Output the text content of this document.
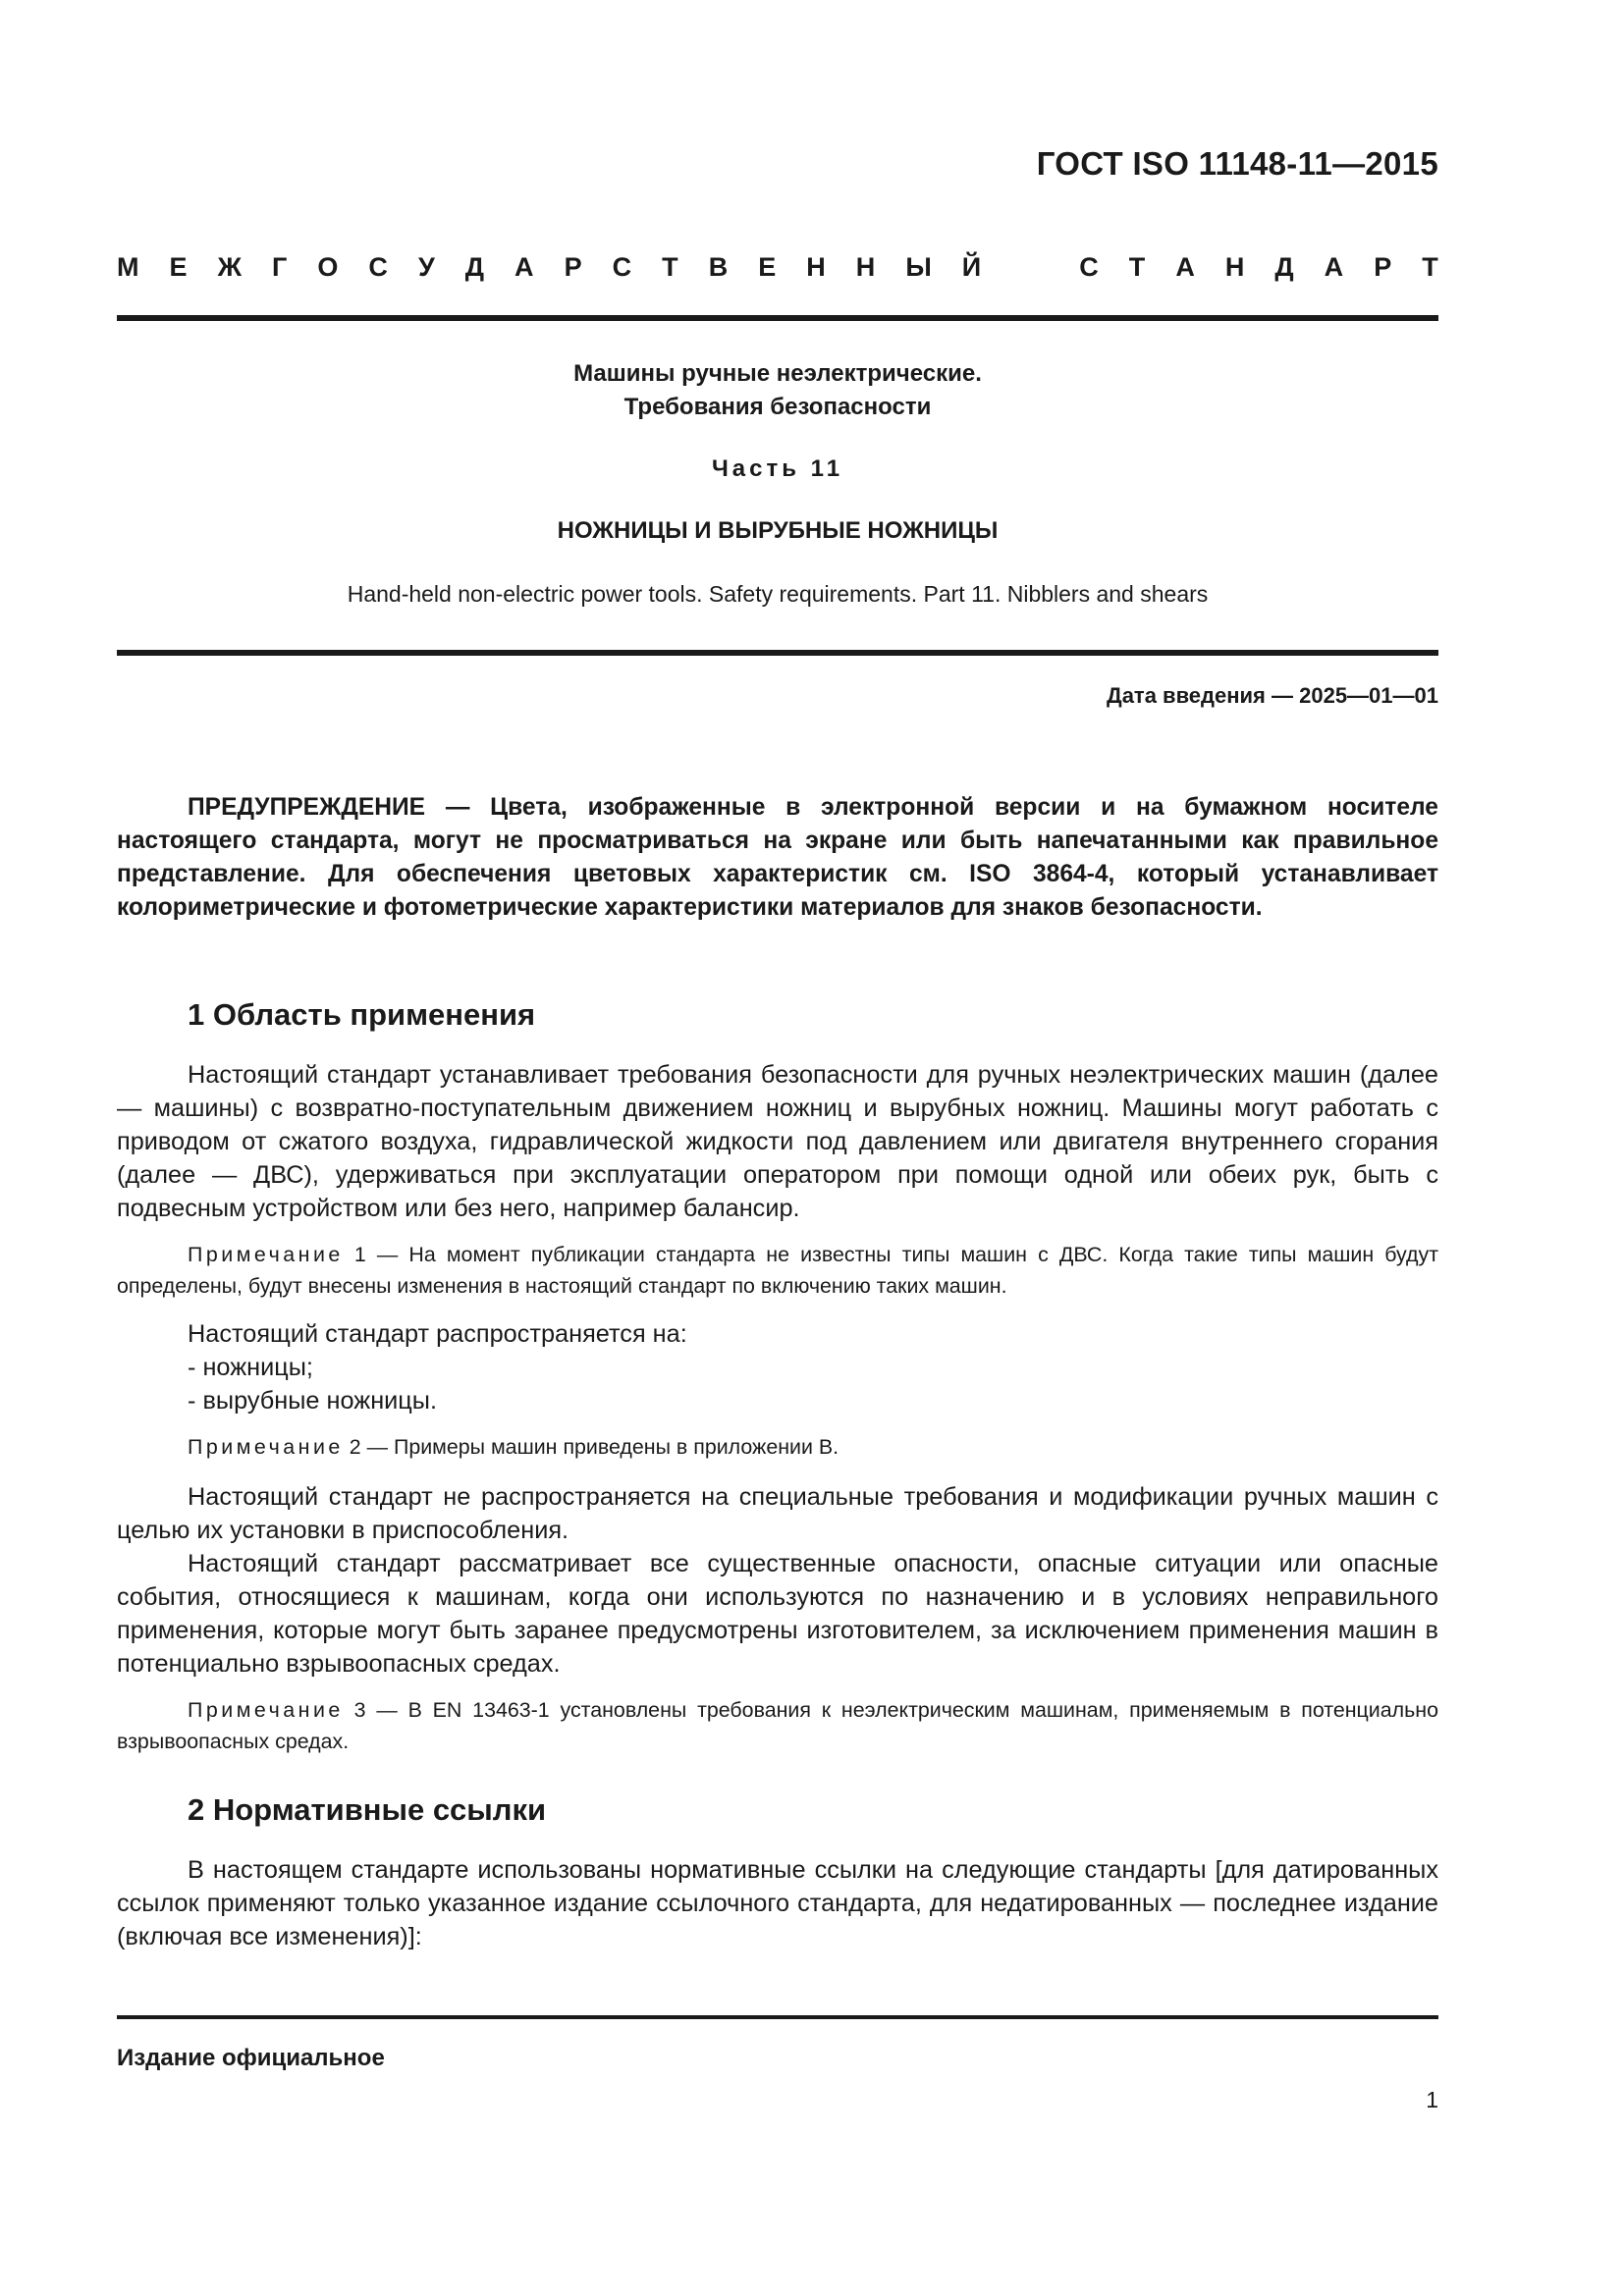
ГОСТ ISO 11148-11—2015
М Е Ж Г О С У Д А Р С Т В Е Н Н Ы Й	С Т А Н Д А Р Т
Машины ручные неэлектрические.
Требования безопасности
Часть 11
НОЖНИЦЫ И ВЫРУБНЫЕ НОЖНИЦЫ
Hand-held non-electric power tools. Safety requirements. Part 11. Nibblers and shears
Дата введения — 2025—01—01

ПРЕДУПРЕЖДЕНИЕ — Цвета, изображенные в электронной версии и на бумажном носителе настоящего стандарта, могут не просматриваться на экране или быть напечатанными как правильное представление. Для обеспечения цветовых характеристик см. ISO 3864-4, который устанавливает колориметрические и фотометрические характеристики материалов для знаков безопасности.

1 Область применения

Настоящий стандарт устанавливает требования безопасности для ручных неэлектрических машин (далее — машины) с возвратно-поступательным движением ножниц и вырубных ножниц. Машины могут работать с приводом от сжатого воздуха, гидравлической жидкости под давлением или двигателя внутреннего сгорания (далее — ДВС), удерживаться при эксплуатации оператором при помощи одной или обеих рук, быть с подвесным устройством или без него, например балансир.

Примечание 1 — На момент публикации стандарта не известны типы машин с ДВС. Когда такие типы машин будут определены, будут внесены изменения в настоящий стандарт по включению таких машин.

Настоящий стандарт распространяется на:
- ножницы;
- вырубные ножницы.

Примечание 2 — Примеры машин приведены в приложении В.

Настоящий стандарт не распространяется на специальные требования и модификации ручных машин с целью их установки в приспособления.

Настоящий стандарт рассматривает все существенные опасности, опасные ситуации или опасные события, относящиеся к машинам, когда они используются по назначению и в условиях неправильного применения, которые могут быть заранее предусмотрены изготовителем, за исключением применения машин в потенциально взрывоопасных средах.

Примечание 3 — В EN 13463-1 установлены требования к неэлектрическим машинам, применяемым в потенциально взрывоопасных средах.

2 Нормативные ссылки

В настоящем стандарте использованы нормативные ссылки на следующие стандарты [для датированных ссылок применяют только указанное издание ссылочного стандарта, для недатированных — последнее издание (включая все изменения)]:

Издание официальное
1
